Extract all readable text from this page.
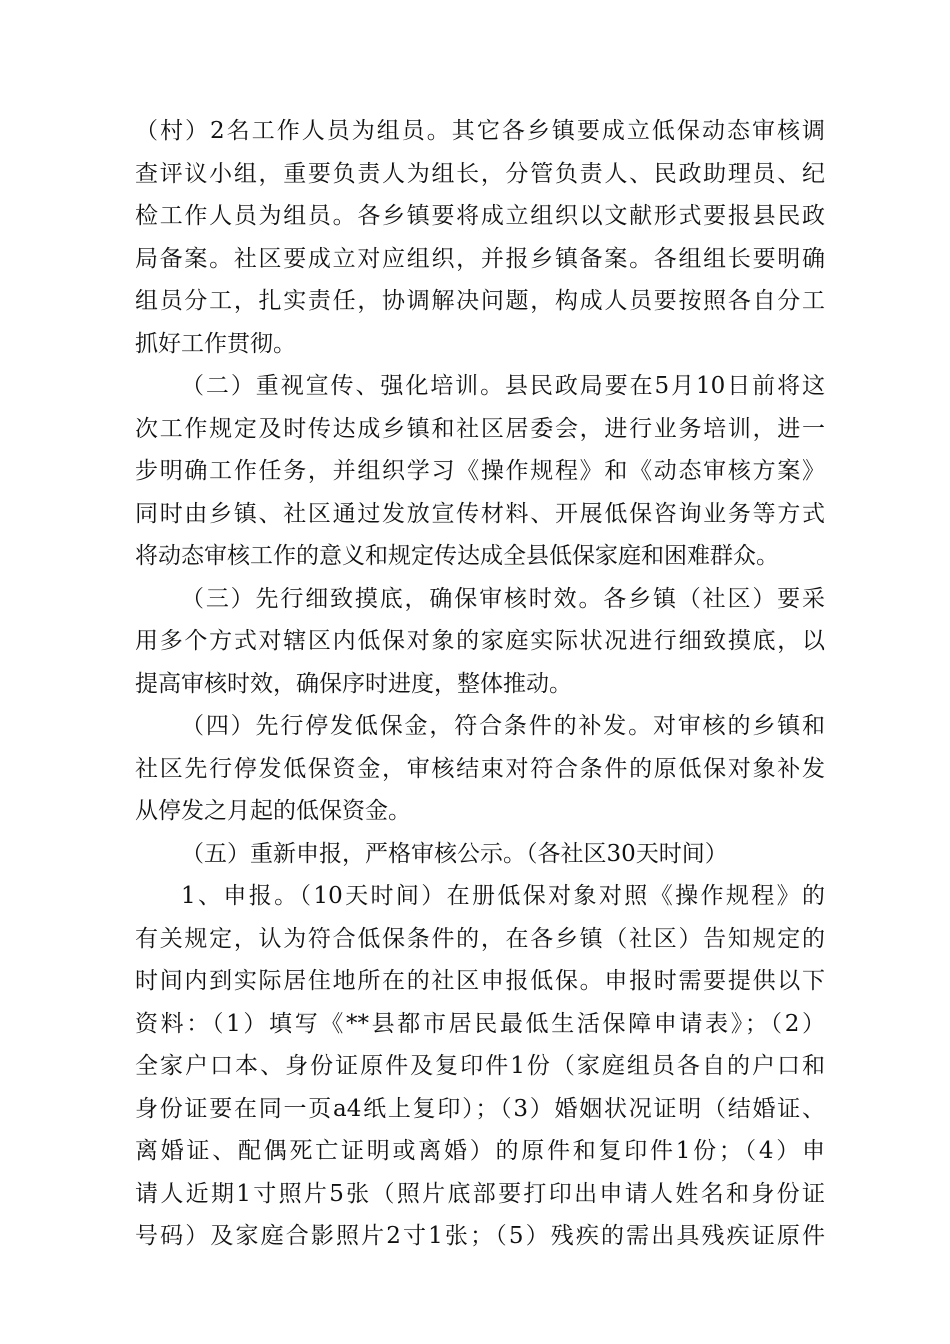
（村）2名工作人员为组员。其它各乡镇要成立低保动态审核调
查评议小组，重要负责人为组长，分管负责人、民政助理员、纪
检工作人员为组员。各乡镇要将成立组织以文献形式要报县民政
局备案。社区要成立对应组织，并报乡镇备案。各组组长要明确
组员分工，扎实责任，协调解决问题，构成人员要按照各自分工
抓好工作贯彻。
（二）重视宣传、强化培训。县民政局要在5月10日前将这
次工作规定及时传达成乡镇和社区居委会，进行业务培训，进一
步明确工作任务，并组织学习《操作规程》和《动态审核方案》
同时由乡镇、社区通过发放宣传材料、开展低保咨询业务等方式
将动态审核工作的意义和规定传达成全县低保家庭和困难群众。
（三）先行细致摸底，确保审核时效。各乡镇（社区）要采
用多个方式对辖区内低保对象的家庭实际状况进行细致摸底，以
提高审核时效，确保序时进度，整体推动。
（四）先行停发低保金，符合条件的补发。对审核的乡镇和
社区先行停发低保资金，审核结束对符合条件的原低保对象补发
从停发之月起的低保资金。
（五）重新申报，严格审核公示。（各社区30天时间）
1、申报。（10天时间）在册低保对象对照《操作规程》的
有关规定，认为符合低保条件的，在各乡镇（社区）告知规定的
时间内到实际居住地所在的社区申报低保。申报时需要提供以下
资料：（1）填写《**县都市居民最低生活保障申请表》；（2）
全家户口本、身份证原件及复印件1份（家庭组员各自的户口和
身份证要在同一页a4纸上复印）；（3）婚姻状况证明（结婚证、
离婚证、配偶死亡证明或离婚）的原件和复印件1份；（4）申
请人近期1寸照片5张（照片底部要打印出申请人姓名和身份证
号码）及家庭合影照片2寸1张；（5）残疾的需出具残疾证原件
